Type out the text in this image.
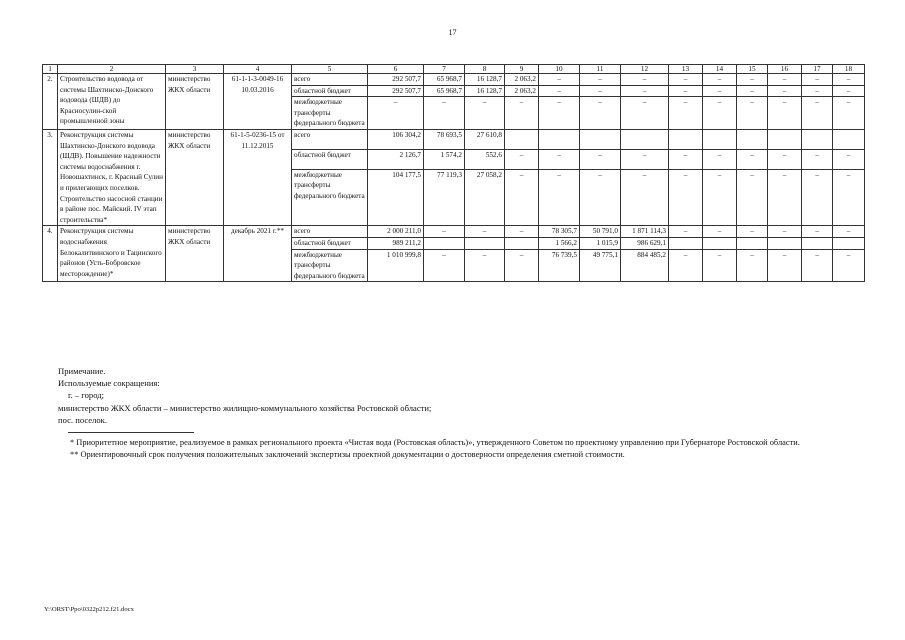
17
1	2	3	4	5	6	7	8	9	10	11	12	13	14	15	16	17	18
2.	Строительство водовода от системы Шахтинско-Донского водовода (ШДВ) до Красносулин-ской промышленной зоны	министерство ЖКХ области	61-1-1-3-0049-16 10.03.2016	всего	292 507,7	65 968,7	16 128,7	2 063,2	–	–	–	–	–	–	–	–	–
				областной бюджет	292 507,7	65 968,7	16 128,7	2 063,2	–	–	–	–	–	–	–	–	–
				межбюджетные трансферты федерального бюджета	–	–	–	–	–	–	–	–	–	–	–	–	–
3.	Реконструкция системы Шахтинско-Донского водовода (ШДВ). Повышение надежности системы водоснабжения г. Новошахтинск, г. Красный Сулин и прилегающих поселков. Строительство насосной станции в районе пос. Майский. IV этап строительства*	министерство ЖКХ области	61-1-5-0236-15 от 11.12.2015	всего	106 304,2	78 693,5	27 610,8										
				областной бюджет	2 126,7	1 574,2	552,6	–	–	–	–	–	–	–	–	–	–
				межбюджетные трансферты федерального бюджета	104 177,5	77 119,3	27 058,2	–	–	–	–	–	–	–	–	–	–
4.	Реконструкция системы водоснабжения Белокалитвинского и Тацинского районов (Усть-Бобровское месторождение)*	министерство ЖКХ области	декабрь 2021 г.**	всего	2 000 211,0	–	–	–	78 305,7	50 791,0	1 871 114,3	–	–	–	–	–	–
				областной бюджет	989 211,2				1 566,2	1 015,9	986 629,1						
				межбюджетные трансферты федерального бюджета	1 010 999,8	–	–	–	76 739,5	49 775,1	884 485,2	–	–	–	–	–	–

Примечание.

Используемые сокращения:

г. – город;

министерство ЖКХ области – министерство жилищно-коммунального хозяйства Ростовской области;

пос. поселок.

* Приоритетное мероприятие, реализуемое в рамках регионального проекта «Чистая вода (Ростовская область)», утвержденного Советом по проектному управлению при Губернаторе Ростовской области.

** Ориентировочный срок получения положительных заключений экспертизы проектной документации о достоверности определения сметной стоимости.

Y:\ORST\Ppo\0322p212.f21.docx
